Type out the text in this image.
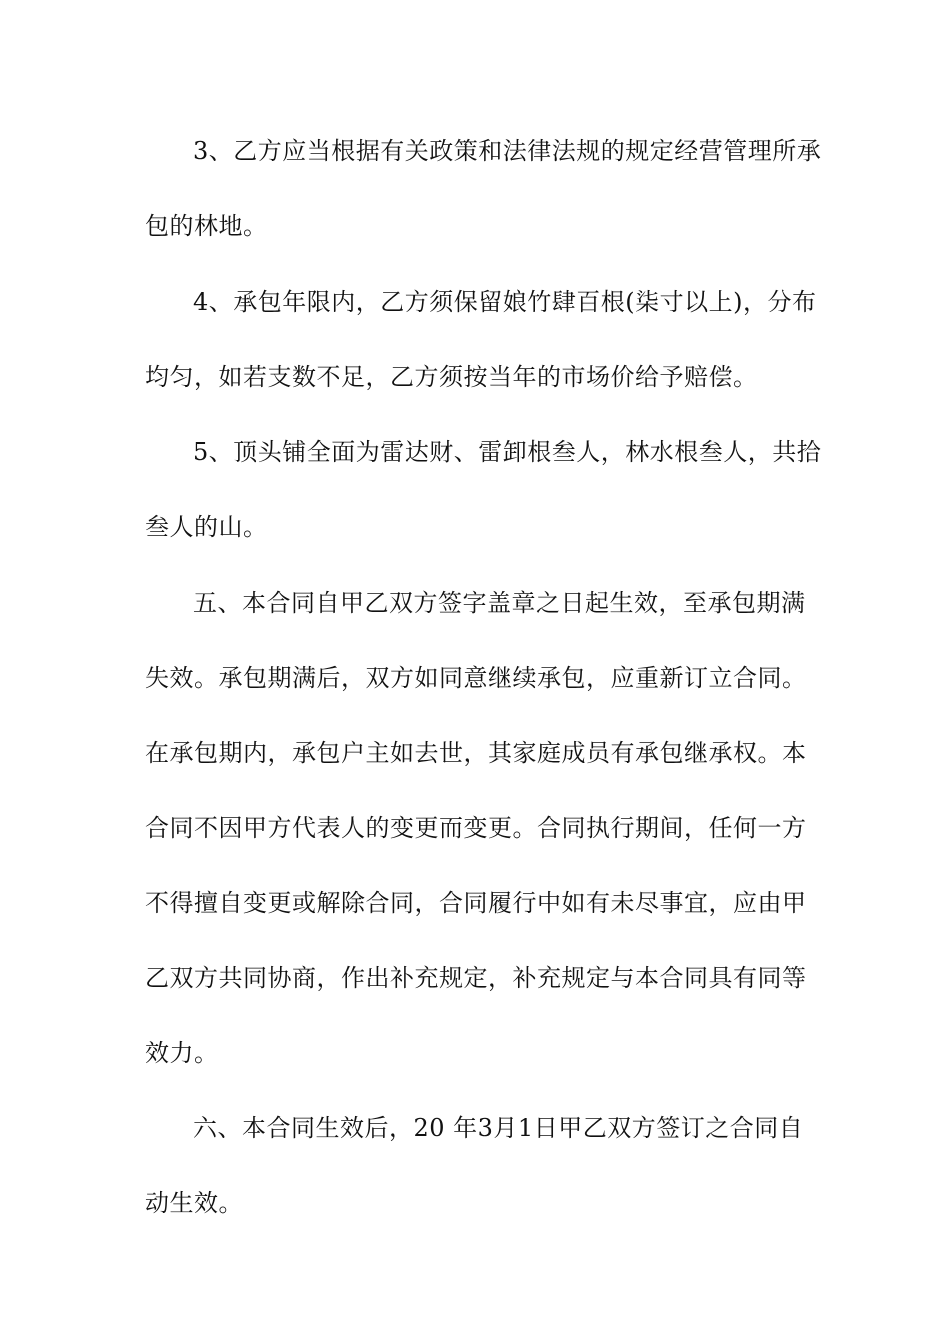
3、乙方应当根据有关政策和法律法规的规定经营管理所承
包的林地。
4、承包年限内，乙方须保留娘竹肆百根(柒寸以上)，分布
均匀，如若支数不足，乙方须按当年的市场价给予赔偿。
5、顶头铺全面为雷达财、雷卸根叁人，林水根叁人，共拾
叁人的山。
五、本合同自甲乙双方签字盖章之日起生效，至承包期满
失效。承包期满后，双方如同意继续承包，应重新订立合同。
在承包期内，承包户主如去世，其家庭成员有承包继承权。本
合同不因甲方代表人的变更而变更。合同执行期间，任何一方
不得擅自变更或解除合同，合同履行中如有未尽事宜，应由甲
乙双方共同协商，作出补充规定，补充规定与本合同具有同等
效力。
六、本合同生效后，20 年3月1日甲乙双方签订之合同自
动生效。
